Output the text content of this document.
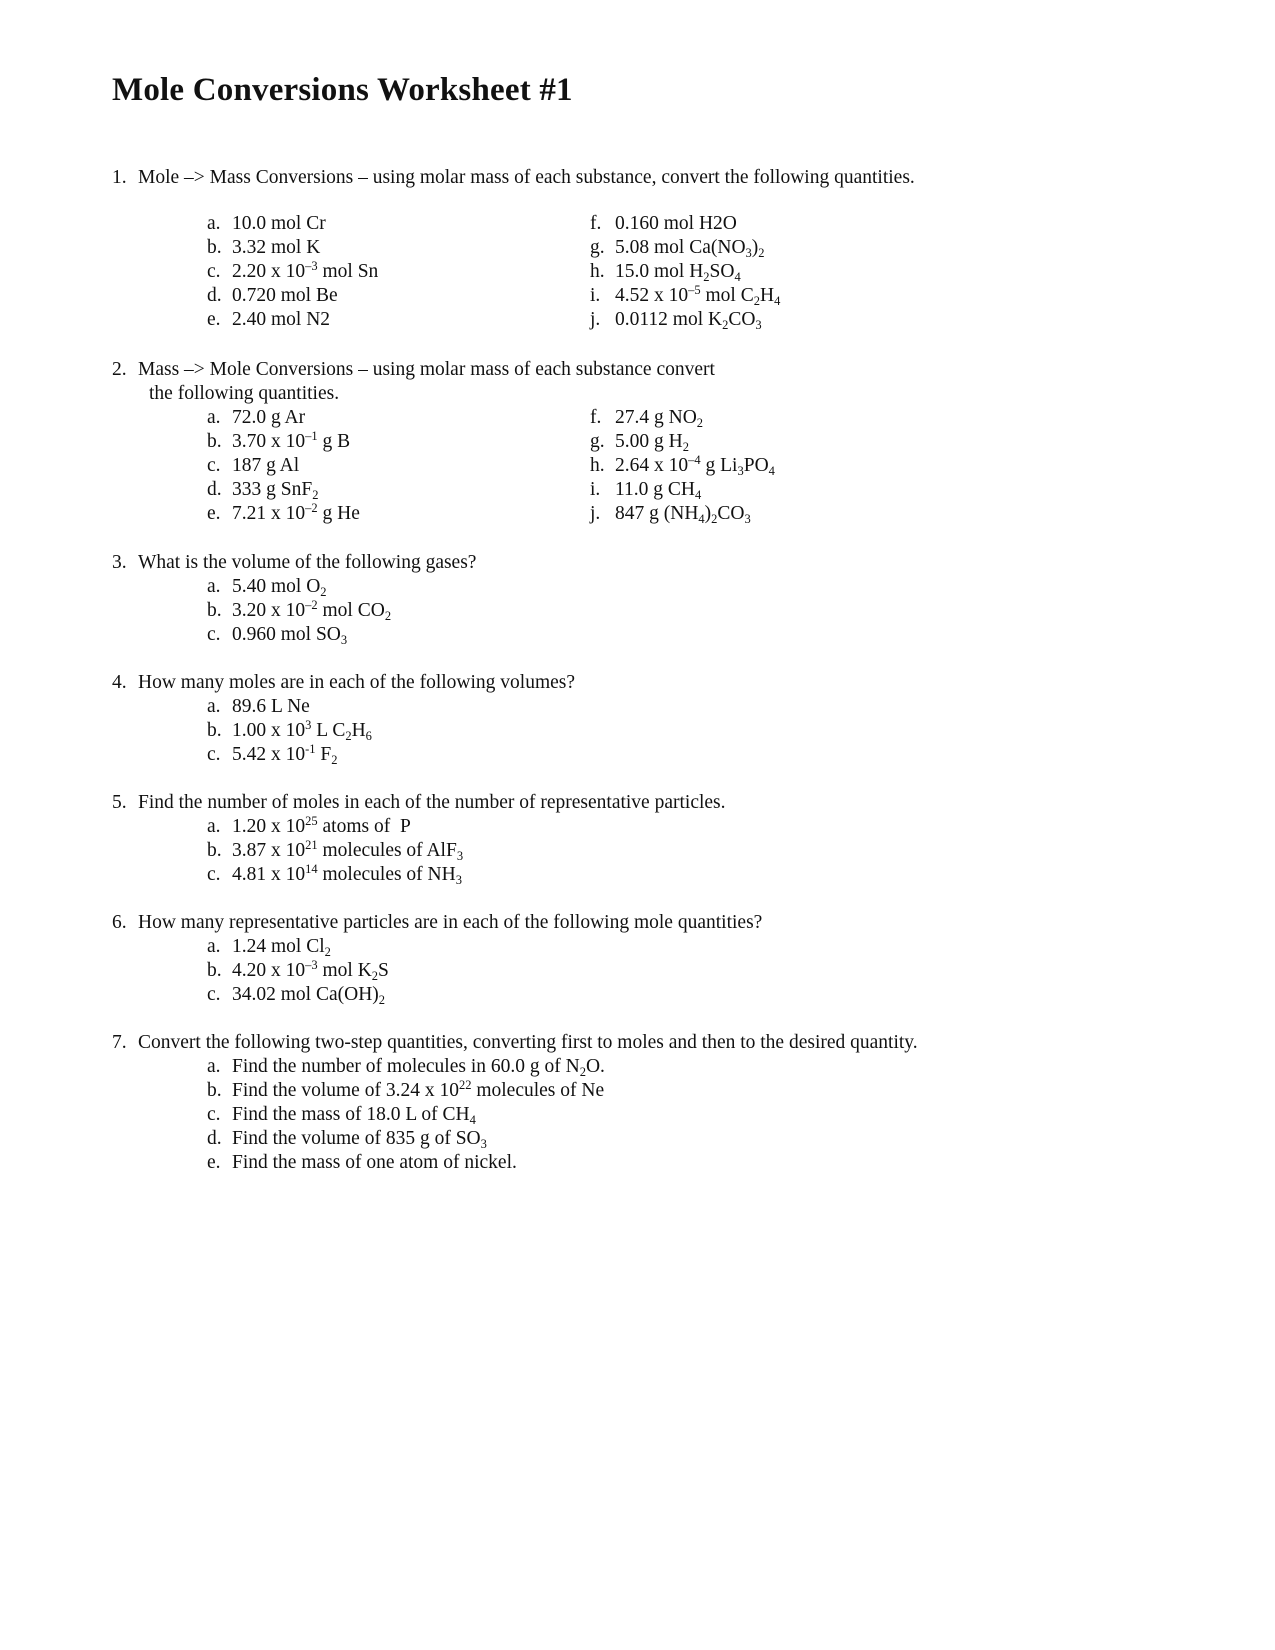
Mole Conversions Worksheet #1
1. Mole –> Mass Conversions – using molar mass of each substance, convert the following quantities.
a. 10.0 mol Cr
b. 3.32 mol K
c. 2.20 x $10^{-3}$ mol Sn
d. 0.720 mol Be
e. 2.40 mol N2
f. 0.160 mol H2O
g. 5.08 mol $Ca(NO_3)_2$
h. 15.0 mol $H_2SO_4$
i. 4.52 x $10^{-5}$ mol $C_2H_4$
j. 0.0112 mol $K_2CO_3$
2. Mass –> Mole Conversions – using molar mass of each substance convert
the following quantities.
a. 72.0 g Ar
b. 3.70 x $10^{-1}$ g B
c. 187 g Al
d. 333 g SnF$_2$
e. 7.21 x $10^{-2}$ g He
f. 27.4 g $NO_2$
g. 5.00 g $H_2$
h. 2.64 x $10^{-4}$ g $Li_3PO_4$
i. 11.0 g $CH_4$
j. 847 g $(NH_4)_2CO_3$
3. What is the volume of the following gases?
a. 5.40 mol $O_2$
b. 3.20 x $10^{-2}$ mol $CO_2$
c. 0.960 mol $SO_3$
4. How many moles are in each of the following volumes?
a. 89.6 L Ne
b. 1.00 x $10^3$ L $C_2H_6$
c. 5.42 x $10^{-1}$ $F_2$
5. Find the number of moles in each of the number of representative particles.
a. 1.20 x $10^{25}$ atoms of  P
b. 3.87 x $10^{21}$ molecules of AlF$_3$
c. 4.81 x $10^{14}$ molecules of $NH_3$
6. How many representative particles are in each of the following mole quantities?
a. 1.24 mol $Cl_2$
b. 4.20 x $10^{-3}$ mol $K_2S$
c. 34.02 mol $Ca(OH)_2$
7. Convert the following two-step quantities, converting first to moles and then to the desired quantity.
a. Find the number of molecules in 60.0 g of $N_2O$.
b. Find the volume of 3.24 x $10^{22}$ molecules of Ne
c. Find the mass of 18.0 L of $CH_4$
d. Find the volume of 835 g of $SO_3$
e. Find the mass of one atom of nickel.
